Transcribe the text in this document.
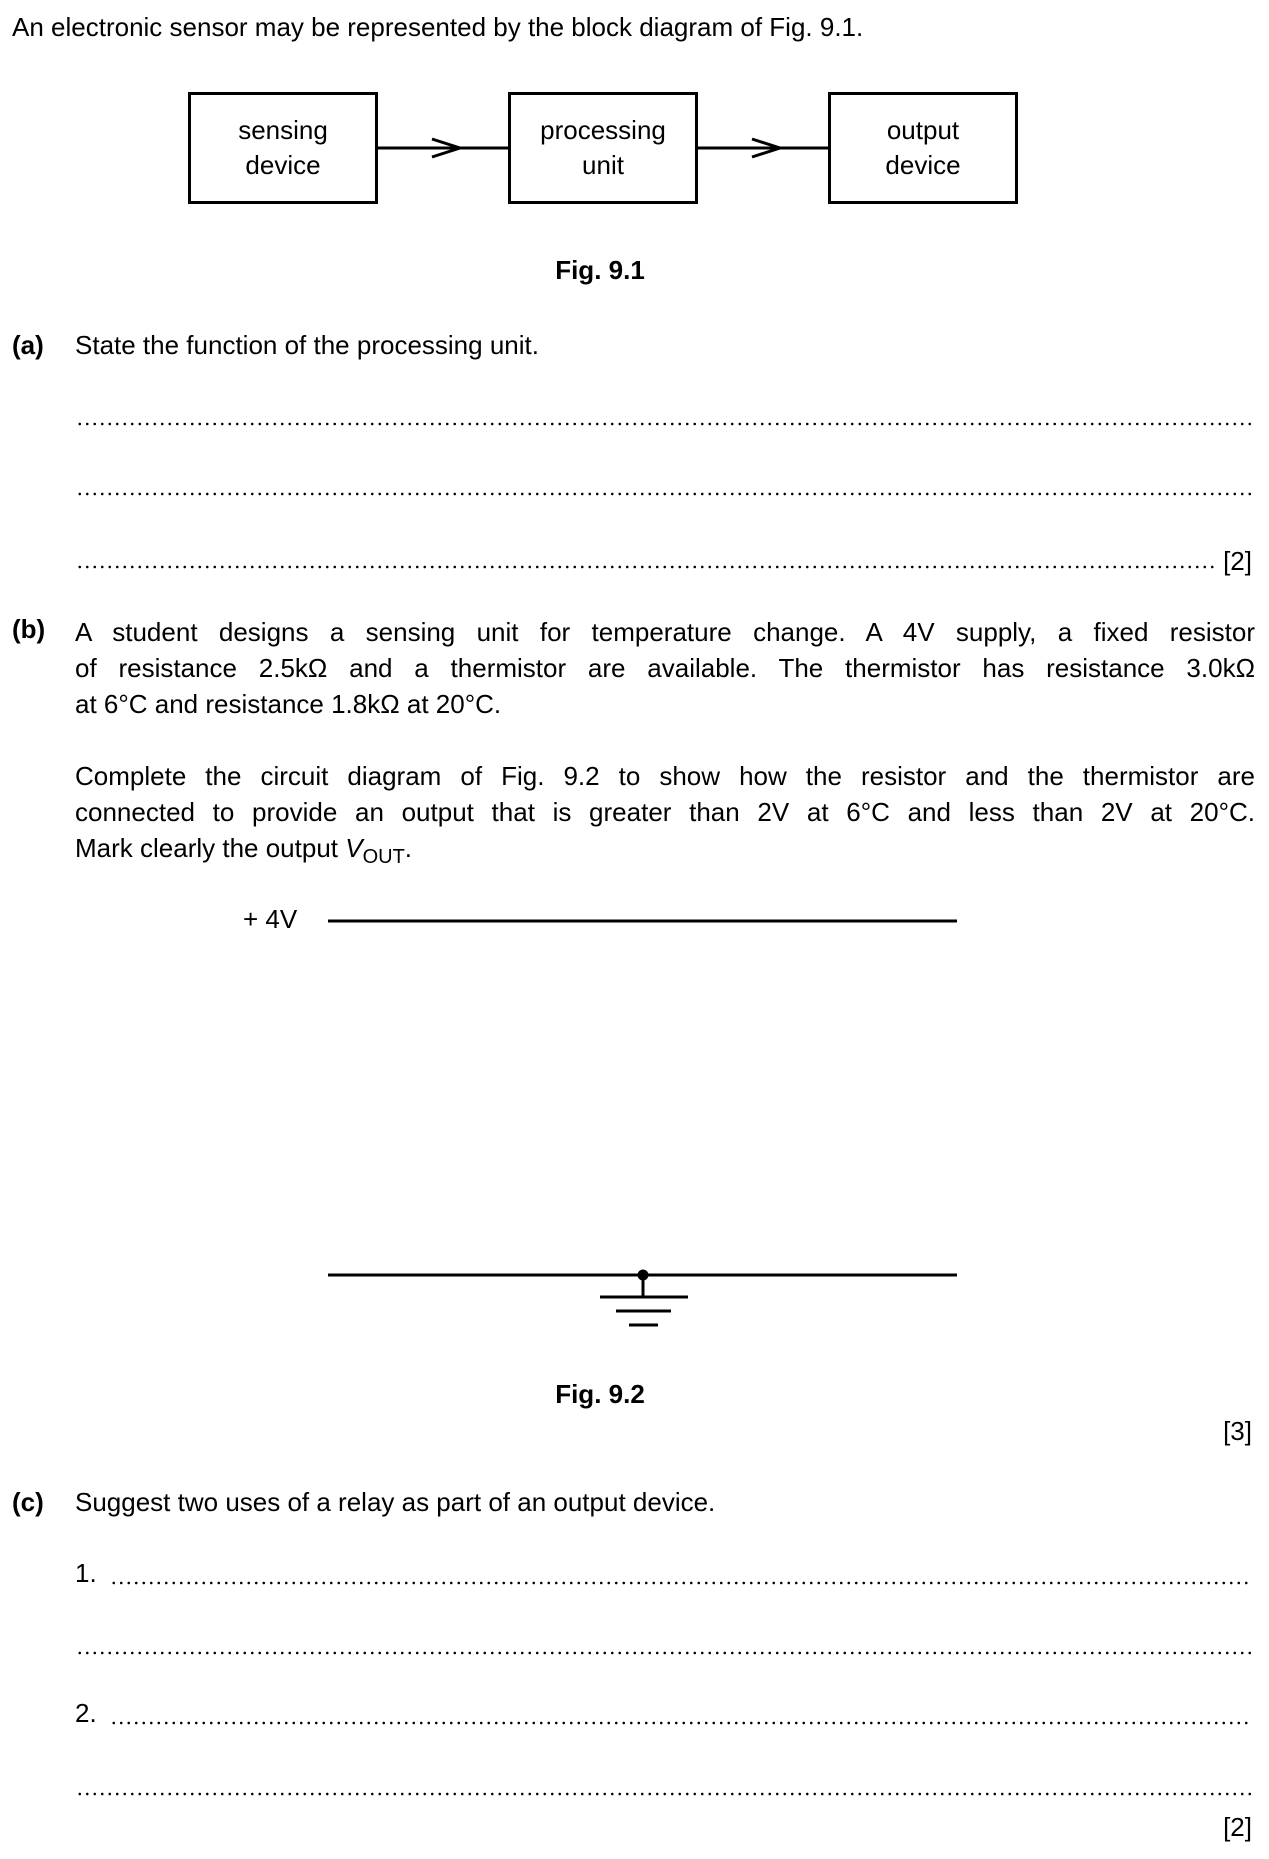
An electronic sensor may be represented by the block diagram of Fig. 9.1.
sensing
device
processing
unit
output
device
Fig. 9.1
(a) State the function of the processing unit.
[2]
(b) A student designs a sensing unit for temperature change. A 4V supply, a fixed resistor
of resistance 2.5kΩ and a thermistor are available. The thermistor has resistance 3.0kΩ
at 6°C and resistance 1.8kΩ at 20°C.
Complete the circuit diagram of Fig. 9.2 to show how the resistor and the thermistor are
connected to provide an output that is greater than 2V at 6°C and less than 2V at 20°C.
Mark clearly the output $V_{OUT}$.
+ 4V
Fig. 9.2
[3]
(c) Suggest two uses of a relay as part of an output device.
1.
2.
[2]
